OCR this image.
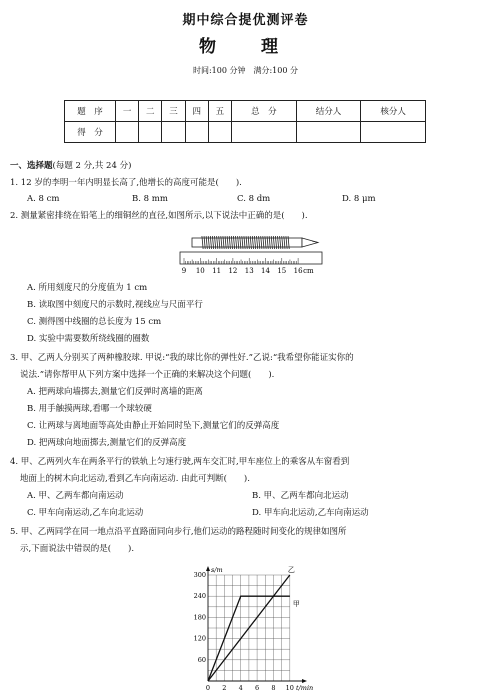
期中综合提优测评卷
物　理
时间:100 分钟　满分:100 分
题　序	一	二	三	四	五	总　分	结分人	核分人
得　分								
一、选择题(每题 2 分,共 24 分)
1. 12 岁的李明一年内明显长高了,他增长的高度可能是(　　).
A. 8 cm	B. 8 mm	C. 8 dm	D. 8 μm
2. 测量紧密排绕在铅笔上的细铜丝的直径,如图所示,以下说法中正确的是(　　).
9 10 11 12 13 14 15 16 cm
A. 所用刻度尺的分度值为 1 cm
B. 读取图中刻度尺的示数时,视线应与尺面平行
C. 测得图中线圈的总长度为 15 cm
D. 实验中需要数所绕线圈的圈数
3. 甲、乙两人分别买了两种橡胶球. 甲说:“我的球比你的弹性好.”乙说:“我希望你能证实你的
说法.”请你帮甲从下列方案中选择一个正确的来解决这个问题(　　).
A. 把两球向墙掷去,测量它们反弹时离墙的距离
B. 用手触摸两球,看哪一个球较硬
C. 让两球与离地面等高处由静止开始同时坠下,测量它们的反弹高度
D. 把两球向地面掷去,测量它们的反弹高度
4. 甲、乙两列火车在两条平行的铁轨上匀速行驶,两车交汇时,甲车座位上的乘客从车窗看到
地面上的树木向北运动,看到乙车向南运动. 由此可判断(　　).
A. 甲、乙两车都向南运动	B. 甲、乙两车都向北运动
C. 甲车向南运动,乙车向北运动	D. 甲车向北运动,乙车向南运动
5. 甲、乙两同学在同一地点沿平直路面同向步行,他们运动的路程随时间变化的规律如图所
示,下面说法中错误的是(　　).
0 2 4 6 8 10
60
120
180
240
300
t/min
s/m
甲
乙
